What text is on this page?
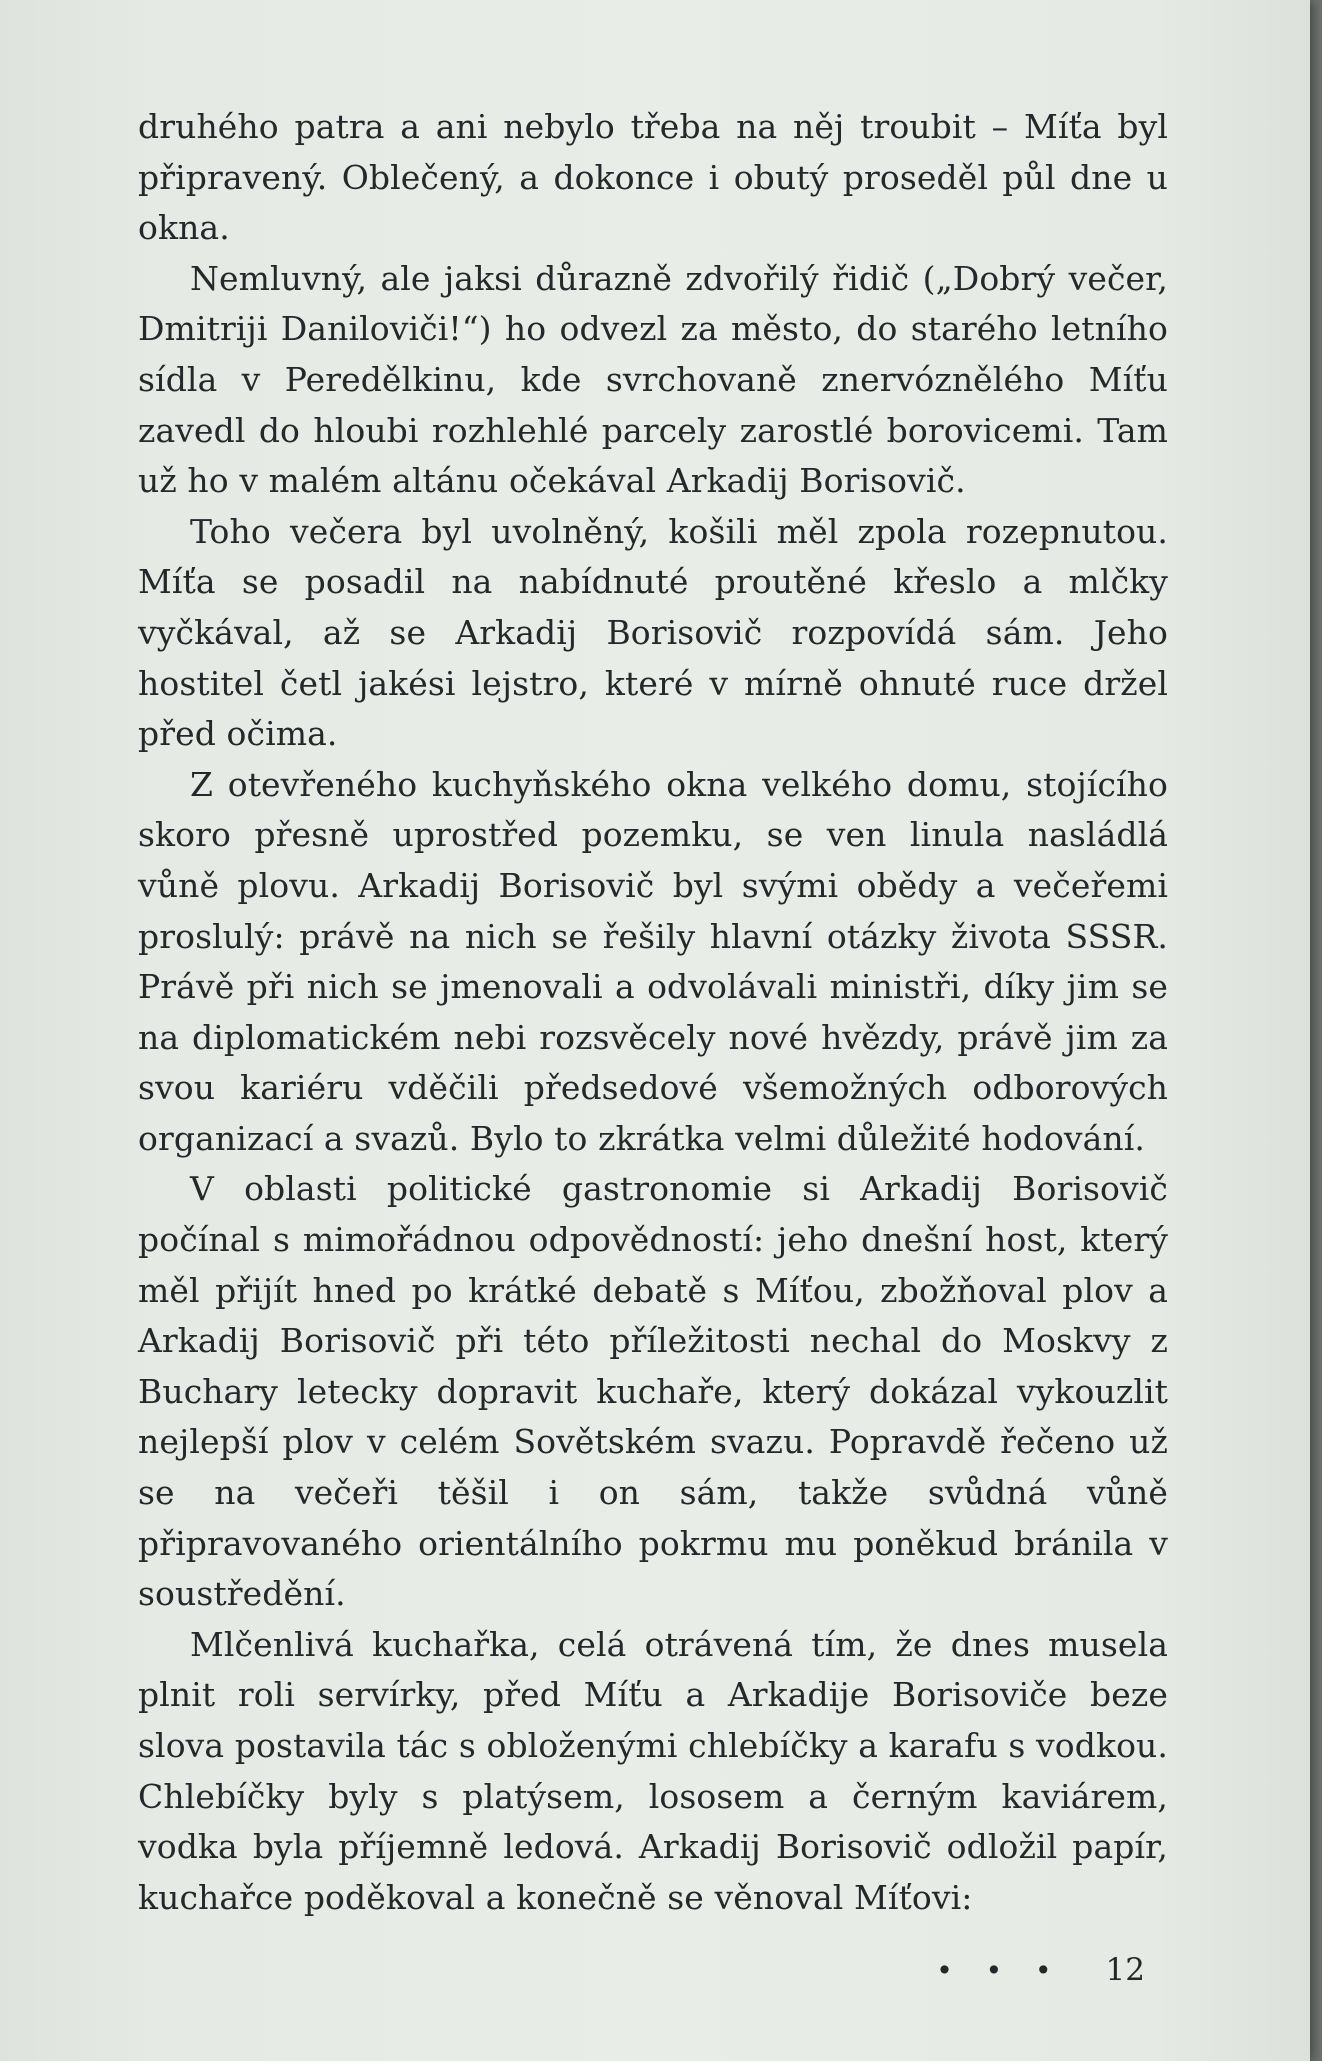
druhého patra a ani nebylo třeba na něj troubit – Míťa byl připravený. Oblečený, a dokonce i obutý proseděl půl dne u okna.

Nemluvný, ale jaksi důrazně zdvořilý řidič („Dobrý večer, Dmitriji Daniloviči!“) ho odvezl za město, do starého letního sídla v Peredělkinu, kde svrchovaně znervóznělého Míťu zavedl do hloubi rozhlehlé parcely zarostlé borovicemi. Tam už ho v malém altánu očekával Arkadij Borisovič.

Toho večera byl uvolněný, košili měl zpola rozepnutou. Míťa se posadil na nabídnuté proutěné křeslo a mlčky vyčkával, až se Arkadij Borisovič rozpovídá sám. Jeho hostitel četl jakési lejstro, které v mírně ohnuté ruce držel před očima.

Z otevřeného kuchyňského okna velkého domu, stojícího skoro přesně uprostřed pozemku, se ven linula nasládlá vůně plovu. Arkadij Borisovič byl svými obědy a večeřemi proslulý: právě na nich se řešily hlavní otázky života SSSR. Právě při nich se jmenovali a odvolávali ministři, díky jim se na diplomatickém nebi rozsvěcely nové hvězdy, právě jim za svou kariéru vděčili předsedové všemožných odborových organizací a svazů. Bylo to zkrátka velmi důležité hodování.

V oblasti politické gastronomie si Arkadij Borisovič počínal s mimořádnou odpovědností: jeho dnešní host, který měl přijít hned po krátké debatě s Míťou, zbožňoval plov a Arkadij Borisovič při této příležitosti nechal do Moskvy z Buchary letecky dopravit kuchaře, který dokázal vykouzlit nejlepší plov v celém Sovětském svazu. Popravdě řečeno už se na večeři těšil i on sám, takže svůdná vůně připravovaného orientálního pokrmu mu poněkud bránila v soustředění.

Mlčenlivá kuchařka, celá otrávená tím, že dnes musela plnit roli servírky, před Míťu a Arkadije Borisoviče beze slova postavila tác s obloženými chlebíčky a karafu s vodkou. Chlebíčky byly s platýsem, lososem a černým kaviárem, vodka byla příjemně ledová. Arkadij Borisovič odložil papír, kuchařce poděkoval a konečně se věnoval Míťovi:

• • • 12
